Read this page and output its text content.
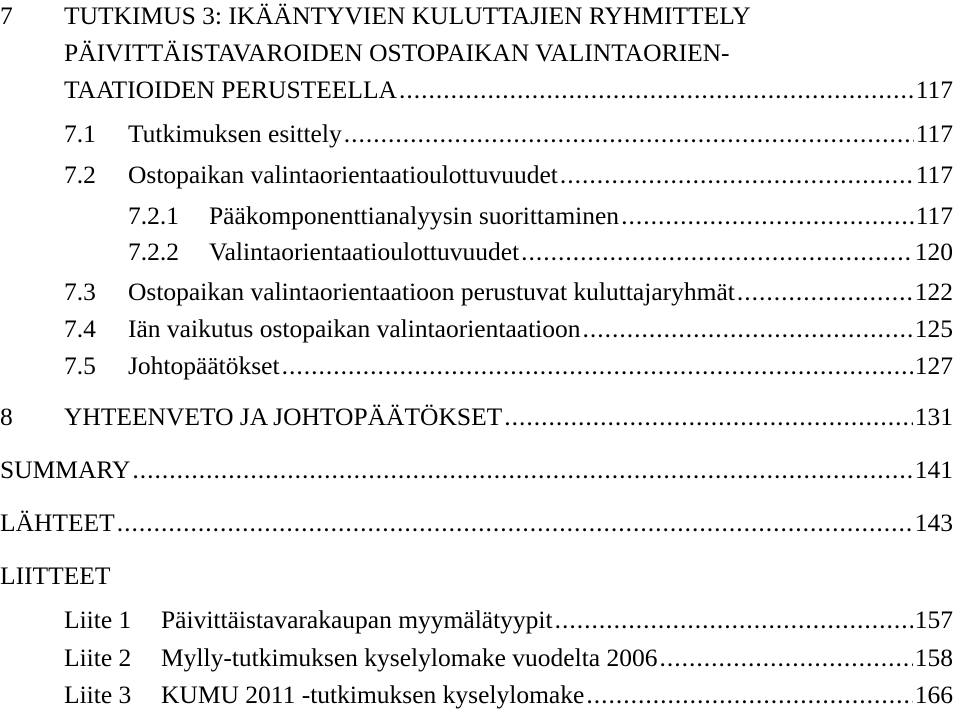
7 TUTKIMUS 3: IKÄÄNTYVIEN KULUTTAJIEN RYHMITTELY
PÄIVITTÄISTAVAROIDEN OSTOPAIKAN VALINTAORIEN-
TAATIOIDEN PERUSTEELLA .....	117
7.1 Tutkimuksen esittely .....	117
7.2 Ostopaikan valintaorientaatioulottuvuudet .....	117
7.2.1 Pääkomponenttianalyysin suorittaminen .....	117
7.2.2 Valintaorientaatioulottuvuudet .....	120
7.3 Ostopaikan valintaorientaatioon perustuvat kuluttajaryhmät .....	122
7.4 Iän vaikutus ostopaikan valintaorientaatioon .....	125
7.5 Johtopäätökset .....	127
8 YHTEENVETO JA JOHTOPÄÄTÖKSET .....	131
SUMMARY .....	141
LÄHTEET .....	143
LIITTEET
Liite 1 Päivittäistavarakaupan myymälätyypit .....	157
Liite 2 Mylly-tutkimuksen kyselylomake vuodelta 2006 .....	158
Liite 3 KUMU 2011 -tutkimuksen kyselylomake .....	166
